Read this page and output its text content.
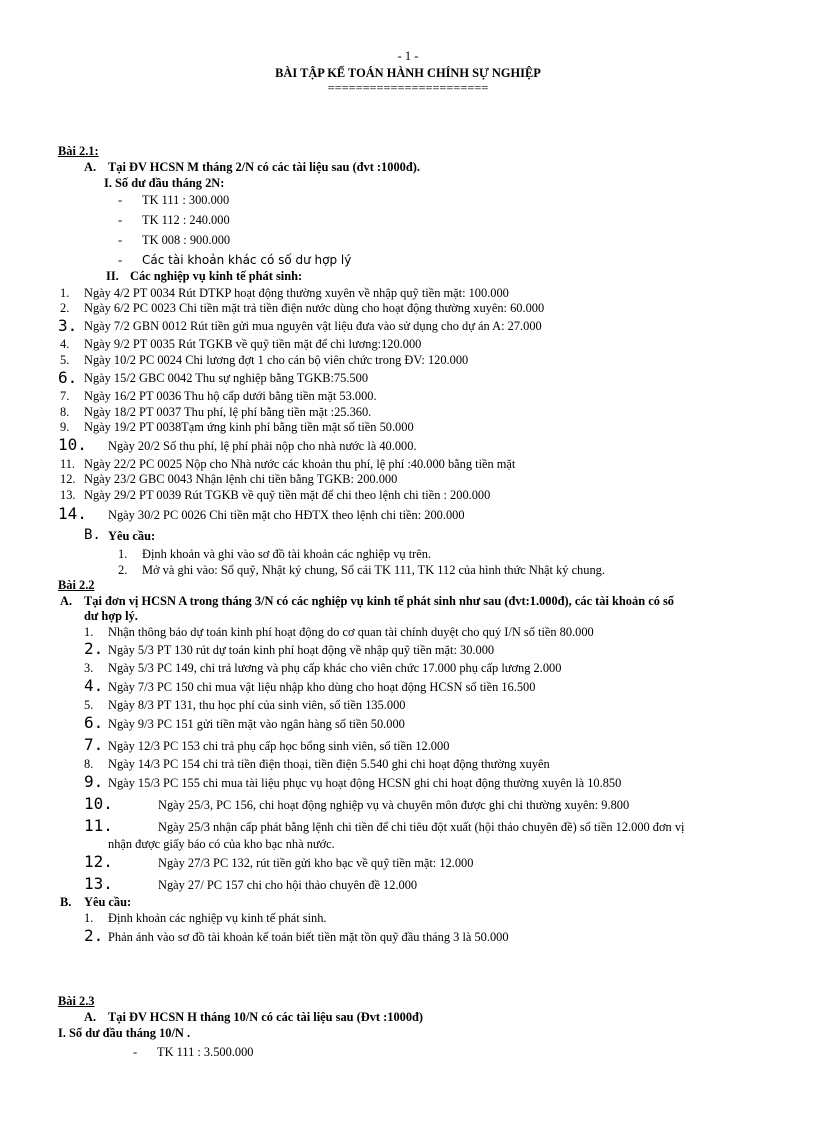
- 1 -
BÀI TẬP KẾ TOÁN HÀNH CHÍNH SỰ NGHIỆP
=======================
Bài 2.1:
A. Tại ĐV HCSN M tháng 2/N có các tài liệu sau (đvt :1000đ).
I. Số dư đầu tháng 2N:
- TK 111 : 300.000
- TK 112 : 240.000
- TK 008 : 900.000
- Các tài khoản khác có số dư hợp lý
II. Các nghiệp vụ kinh tế phát sinh:
1. Ngày 4/2 PT 0034 Rút DTKP hoạt động thường xuyên về nhập quỹ tiền mặt: 100.000
2. Ngày 6/2 PC 0023 Chi tiền mặt trả tiền điện nước dùng cho hoạt động thường xuyên: 60.000
3. Ngày 7/2 GBN 0012 Rút tiền gửi mua nguyên vật liệu đưa vào sử dụng cho dự án A: 27.000
4. Ngày 9/2 PT 0035 Rút TGKB về quỹ tiền mặt để chi lương:120.000
5. Ngày 10/2 PC 0024 Chi lương đợt 1 cho cán bộ viên chức trong ĐV: 120.000
6. Ngày 15/2 GBC 0042 Thu sự nghiệp bằng TGKB:75.500
7. Ngày 16/2 PT 0036 Thu hộ cấp dưới bằng tiền mặt 53.000.
8. Ngày 18/2 PT 0037 Thu phí, lệ phí bằng tiền mặt :25.360.
9. Ngày 19/2 PT 0038Tạm ứng kinh phí bằng tiền mặt số tiền 50.000
10. Ngày 20/2 Số thu phí, lệ phí phải nộp cho nhà nước là 40.000.
11. Ngày 22/2 PC 0025 Nộp cho Nhà nước các khoản thu phí, lệ phí :40.000 bằng tiền mặt
12. Ngày 23/2 GBC 0043 Nhận lệnh chi tiền bằng TGKB: 200.000
13. Ngày 29/2 PT 0039 Rút TGKB về quỹ tiền mặt để chi theo lệnh chi tiền : 200.000
14. Ngày 30/2 PC 0026 Chi tiền mặt cho HĐTX theo lệnh chi tiền: 200.000
B. Yêu cầu:
1. Định khoản và ghi vào sơ đồ tài khoản các nghiệp vụ trên.
2. Mở và ghi vào: Sổ quỹ, Nhật ký chung, Sổ cái TK 111, TK 112 của hình thức Nhật ký chung.
Bài 2.2
A. Tại đơn vị HCSN A trong tháng 3/N có các nghiệp vụ kinh tế phát sinh như sau (đvt:1.000đ), các tài khoản có số
dư hợp lý.
1. Nhận thông báo dự toán kinh phí hoạt động do cơ quan tài chính duyệt cho quý I/N số tiền 80.000
2. Ngày 5/3 PT 130 rút dự toán kinh phí hoạt động về nhập quỹ tiền mặt: 30.000
3. Ngày 5/3 PC 149, chi trả lương và phụ cấp khác cho viên chức 17.000 phụ cấp lương 2.000
4. Ngày 7/3 PC 150 chi mua vật liệu nhập kho dùng cho hoạt động HCSN số tiền 16.500
5. Ngày 8/3 PT 131, thu học phí của sinh viên, số tiền 135.000
6. Ngày 9/3 PC 151 gửi tiền mặt vào ngân hàng số tiền 50.000
7. Ngày 12/3 PC 153 chi trả phụ cấp học bổng sinh viên, số tiền 12.000
8. Ngày 14/3 PC 154 chi trả tiền điện thoại, tiền điện 5.540 ghi chi hoạt động thường xuyên
9. Ngày 15/3 PC 155 chi mua tài liệu phục vụ hoạt động HCSN ghi chi hoạt động thường xuyên là 10.850
10.	Ngày 25/3, PC 156, chi hoạt động nghiệp vụ và chuyên môn được ghi chi thường xuyên: 9.800
11.	Ngày 25/3 nhận cấp phát bằng lệnh chi tiền để chi tiêu đột xuất (hội thảo chuyên đề) số tiền 12.000 đơn vị
nhận được giấy báo có của kho bạc nhà nước.
12.	Ngày 27/3 PC 132, rút tiền gửi kho bạc về quỹ tiền mặt: 12.000
13.	Ngày 27/ PC 157 chi cho hội thảo chuyên đề 12.000
B. Yêu cầu:
1. Định khoản các nghiệp vụ kinh tế phát sinh.
2. Phản ánh vào sơ đồ tài khoản kế toán biết tiền mặt tồn quỹ đầu tháng 3 là 50.000
Bài 2.3
A. Tại ĐV HCSN H tháng 10/N có các tài liệu sau (Đvt :1000đ)
I. Số dư đầu tháng 10/N .
- TK 111 : 3.500.000
